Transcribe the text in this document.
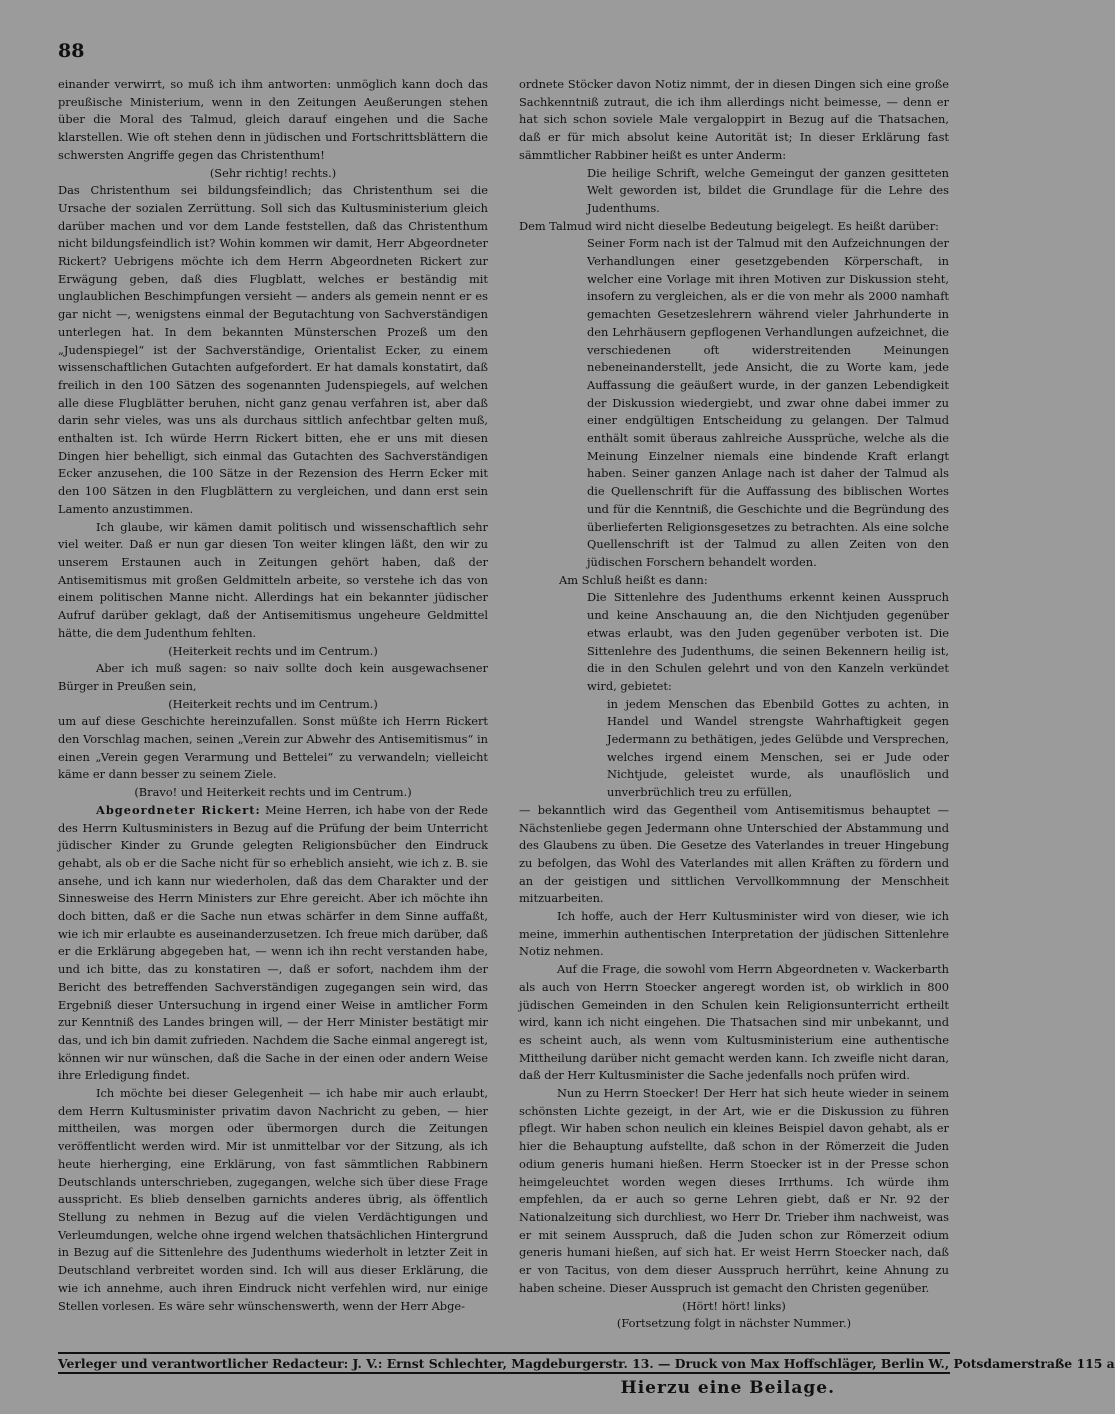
88

einander verwirrt, so muß ich ihm antworten: unmöglich kann doch das preußische Ministerium, wenn in den Zeitungen Aeußerungen stehen über die Moral des Talmud, gleich darauf eingehen und die Sache klarstellen. Wie oft stehen denn in jüdischen und Fortschrittsblättern die schwersten Angriffe gegen das Christenthum!

(Sehr richtig! rechts.)

Das Christenthum sei bildungsfeindlich; das Christenthum sei die Ursache der sozialen Zerrüttung. Soll sich das Kultusministerium gleich darüber machen und vor dem Lande feststellen, daß das Christenthum nicht bildungsfeindlich ist? Wohin kommen wir damit, Herr Abgeordneter Rickert? Uebrigens möchte ich dem Herrn Abgeordneten Rickert zur Erwägung geben, daß dies Flugblatt, welches er beständig mit unglaublichen Beschimpfungen versieht — anders als gemein nennt er es gar nicht —, wenigstens einmal der Begutachtung von Sachverständigen unterlegen hat. In dem bekannten Münsterschen Prozeß um den „Judenspiegel“ ist der Sachverständige, Orientalist Ecker, zu einem wissenschaftlichen Gutachten aufgefordert. Er hat damals konstatirt, daß freilich in den 100 Sätzen des sogenannten Judenspiegels, auf welchen alle diese Flugblätter beruhen, nicht ganz genau verfahren ist, aber daß darin sehr vieles, was uns als durchaus sittlich anfechtbar gelten muß, enthalten ist. Ich würde Herrn Rickert bitten, ehe er uns mit diesen Dingen hier behelligt, sich einmal das Gutachten des Sachverständigen Ecker anzusehen, die 100 Sätze in der Rezension des Herrn Ecker mit den 100 Sätzen in den Flugblättern zu vergleichen, und dann erst sein Lamento anzustimmen.

Ich glaube, wir kämen damit politisch und wissenschaftlich sehr viel weiter. Daß er nun gar diesen Ton weiter klingen läßt, den wir zu unserem Erstaunen auch in Zeitungen gehört haben, daß der Antisemitismus mit großen Geldmitteln arbeite, so verstehe ich das von einem politischen Manne nicht. Allerdings hat ein bekannter jüdischer Aufruf darüber geklagt, daß der Antisemitismus ungeheure Geldmittel hätte, die dem Judenthum fehlten.

(Heiterkeit rechts und im Centrum.)

Aber ich muß sagen: so naiv sollte doch kein ausgewachsener Bürger in Preußen sein,

(Heiterkeit rechts und im Centrum.)

um auf diese Geschichte hereinzufallen. Sonst müßte ich Herrn Rickert den Vorschlag machen, seinen „Verein zur Abwehr des Antisemitismus“ in einen „Verein gegen Verarmung und Bettelei“ zu verwandeln; vielleicht käme er dann besser zu seinem Ziele.

(Bravo! und Heiterkeit rechts und im Centrum.)

Abgeordneter Rickert: Meine Herren, ich habe von der Rede des Herrn Kultusministers in Bezug auf die Prüfung der beim Unterricht jüdischer Kinder zu Grunde gelegten Religionsbücher den Eindruck gehabt, als ob er die Sache nicht für so erheblich ansieht, wie ich z. B. sie ansehe, und ich kann nur wiederholen, daß das dem Charakter und der Sinnesweise des Herrn Ministers zur Ehre gereicht. Aber ich möchte ihn doch bitten, daß er die Sache nun etwas schärfer in dem Sinne auffaßt, wie ich mir erlaubte es auseinanderzusetzen. Ich freue mich darüber, daß er die Erklärung abgegeben hat, — wenn ich ihn recht verstanden habe, und ich bitte, das zu konstatiren —, daß er sofort, nachdem ihm der Bericht des betreffenden Sachverständigen zugegangen sein wird, das Ergebniß dieser Untersuchung in irgend einer Weise in amtlicher Form zur Kenntniß des Landes bringen will, — der Herr Minister bestätigt mir das, und ich bin damit zufrieden. Nachdem die Sache einmal angeregt ist, können wir nur wünschen, daß die Sache in der einen oder andern Weise ihre Erledigung findet.

Ich möchte bei dieser Gelegenheit — ich habe mir auch erlaubt, dem Herrn Kultusminister privatim davon Nachricht zu geben, — hier mittheilen, was morgen oder übermorgen durch die Zeitungen veröffentlicht werden wird. Mir ist unmittelbar vor der Sitzung, als ich heute hierherging, eine Erklärung, von fast sämmtlichen Rabbinern Deutschlands unterschrieben, zugegangen, welche sich über diese Frage ausspricht. Es blieb denselben garnichts anderes übrig, als öffentlich Stellung zu nehmen in Bezug auf die vielen Verdächtigungen und Verleumdungen, welche ohne irgend welchen thatsächlichen Hintergrund in Bezug auf die Sittenlehre des Judenthums wiederholt in letzter Zeit in Deutschland verbreitet worden sind. Ich will aus dieser Erklärung, die wie ich annehme, auch ihren Eindruck nicht verfehlen wird, nur einige Stellen vorlesen. Es wäre sehr wünschenswerth, wenn der Herr Abge-

ordnete Stöcker davon Notiz nimmt, der in diesen Dingen sich eine große Sachkenntniß zutraut, die ich ihm allerdings nicht beimesse, — denn er hat sich schon soviele Male vergaloppirt in Bezug auf die Thatsachen, daß er für mich absolut keine Autorität ist; In dieser Erklärung fast sämmtlicher Rabbiner heißt es unter Anderm:

Die heilige Schrift, welche Gemeingut der ganzen gesitteten Welt geworden ist, bildet die Grundlage für die Lehre des Judenthums.

Dem Talmud wird nicht dieselbe Bedeutung beigelegt. Es heißt darüber:

Seiner Form nach ist der Talmud mit den Aufzeichnungen der Verhandlungen einer gesetzgebenden Körperschaft, in welcher eine Vorlage mit ihren Motiven zur Diskussion steht, insofern zu vergleichen, als er die von mehr als 2000 namhaft gemachten Gesetzeslehrern während vieler Jahrhunderte in den Lehrhäusern gepflogenen Verhandlungen aufzeichnet, die verschiedenen oft widerstreitenden Meinungen nebeneinanderstellt, jede Ansicht, die zu Worte kam, jede Auffassung die geäußert wurde, in der ganzen Lebendigkeit der Diskussion wiedergiebt, und zwar ohne dabei immer zu einer endgültigen Entscheidung zu gelangen. Der Talmud enthält somit überaus zahlreiche Aussprüche, welche als die Meinung Einzelner niemals eine bindende Kraft erlangt haben. Seiner ganzen Anlage nach ist daher der Talmud als die Quellenschrift für die Auffassung des biblischen Wortes und für die Kenntniß, die Geschichte und die Begründung des überlieferten Religionsgesetzes zu betrachten. Als eine solche Quellenschrift ist der Talmud zu allen Zeiten von den jüdischen Forschern behandelt worden.

Am Schluß heißt es dann:

Die Sittenlehre des Judenthums erkennt keinen Ausspruch und keine Anschauung an, die den Nichtjuden gegenüber etwas erlaubt, was den Juden gegenüber verboten ist. Die Sittenlehre des Judenthums, die seinen Bekennern heilig ist, die in den Schulen gelehrt und von den Kanzeln verkündet wird, gebietet:

in jedem Menschen das Ebenbild Gottes zu achten, in Handel und Wandel strengste Wahrhaftigkeit gegen Jedermann zu bethätigen, jedes Gelübde und Versprechen, welches irgend einem Menschen, sei er Jude oder Nichtjude, geleistet wurde, als unauflöslich und unverbrüchlich treu zu erfüllen,

— bekanntlich wird das Gegentheil vom Antisemitismus behauptet — Nächstenliebe gegen Jedermann ohne Unterschied der Abstammung und des Glaubens zu üben. Die Gesetze des Vaterlandes in treuer Hingebung zu befolgen, das Wohl des Vaterlandes mit allen Kräften zu fördern und an der geistigen und sittlichen Vervollkommnung der Menschheit mitzuarbeiten.

Ich hoffe, auch der Herr Kultusminister wird von dieser, wie ich meine, immerhin authentischen Interpretation der jüdischen Sittenlehre Notiz nehmen.

Auf die Frage, die sowohl vom Herrn Abgeordneten v. Wackerbarth als auch von Herrn Stoecker angeregt worden ist, ob wirklich in 800 jüdischen Gemeinden in den Schulen kein Religionsunterricht ertheilt wird, kann ich nicht eingehen. Die Thatsachen sind mir unbekannt, und es scheint auch, als wenn vom Kultusministerium eine authentische Mittheilung darüber nicht gemacht werden kann. Ich zweifle nicht daran, daß der Herr Kultusminister die Sache jedenfalls noch prüfen wird.

Nun zu Herrn Stoecker! Der Herr hat sich heute wieder in seinem schönsten Lichte gezeigt, in der Art, wie er die Diskussion zu führen pflegt. Wir haben schon neulich ein kleines Beispiel davon gehabt, als er hier die Behauptung aufstellte, daß schon in der Römerzeit die Juden odium generis humani hießen. Herrn Stoecker ist in der Presse schon heimgeleuchtet worden wegen dieses Irrthums. Ich würde ihm empfehlen, da er auch so gerne Lehren giebt, daß er Nr. 92 der Nationalzeitung sich durchliest, wo Herr Dr. Trieber ihm nachweist, was er mit seinem Ausspruch, daß die Juden schon zur Römerzeit odium generis humani hießen, auf sich hat. Er weist Herrn Stoecker nach, daß er von Tacitus, von dem dieser Ausspruch herrührt, keine Ahnung zu haben scheine. Dieser Ausspruch ist gemacht den Christen gegenüber.

(Hört! hört! links)

(Fortsetzung folgt in nächster Nummer.)

Verleger und verantwortlicher Redacteur: J. V.: Ernst Schlechter, Magdeburgerstr. 13. — Druck von Max Hoffschläger, Berlin W., Potsdamerstraße 115 a
Hierzu eine Beilage.
